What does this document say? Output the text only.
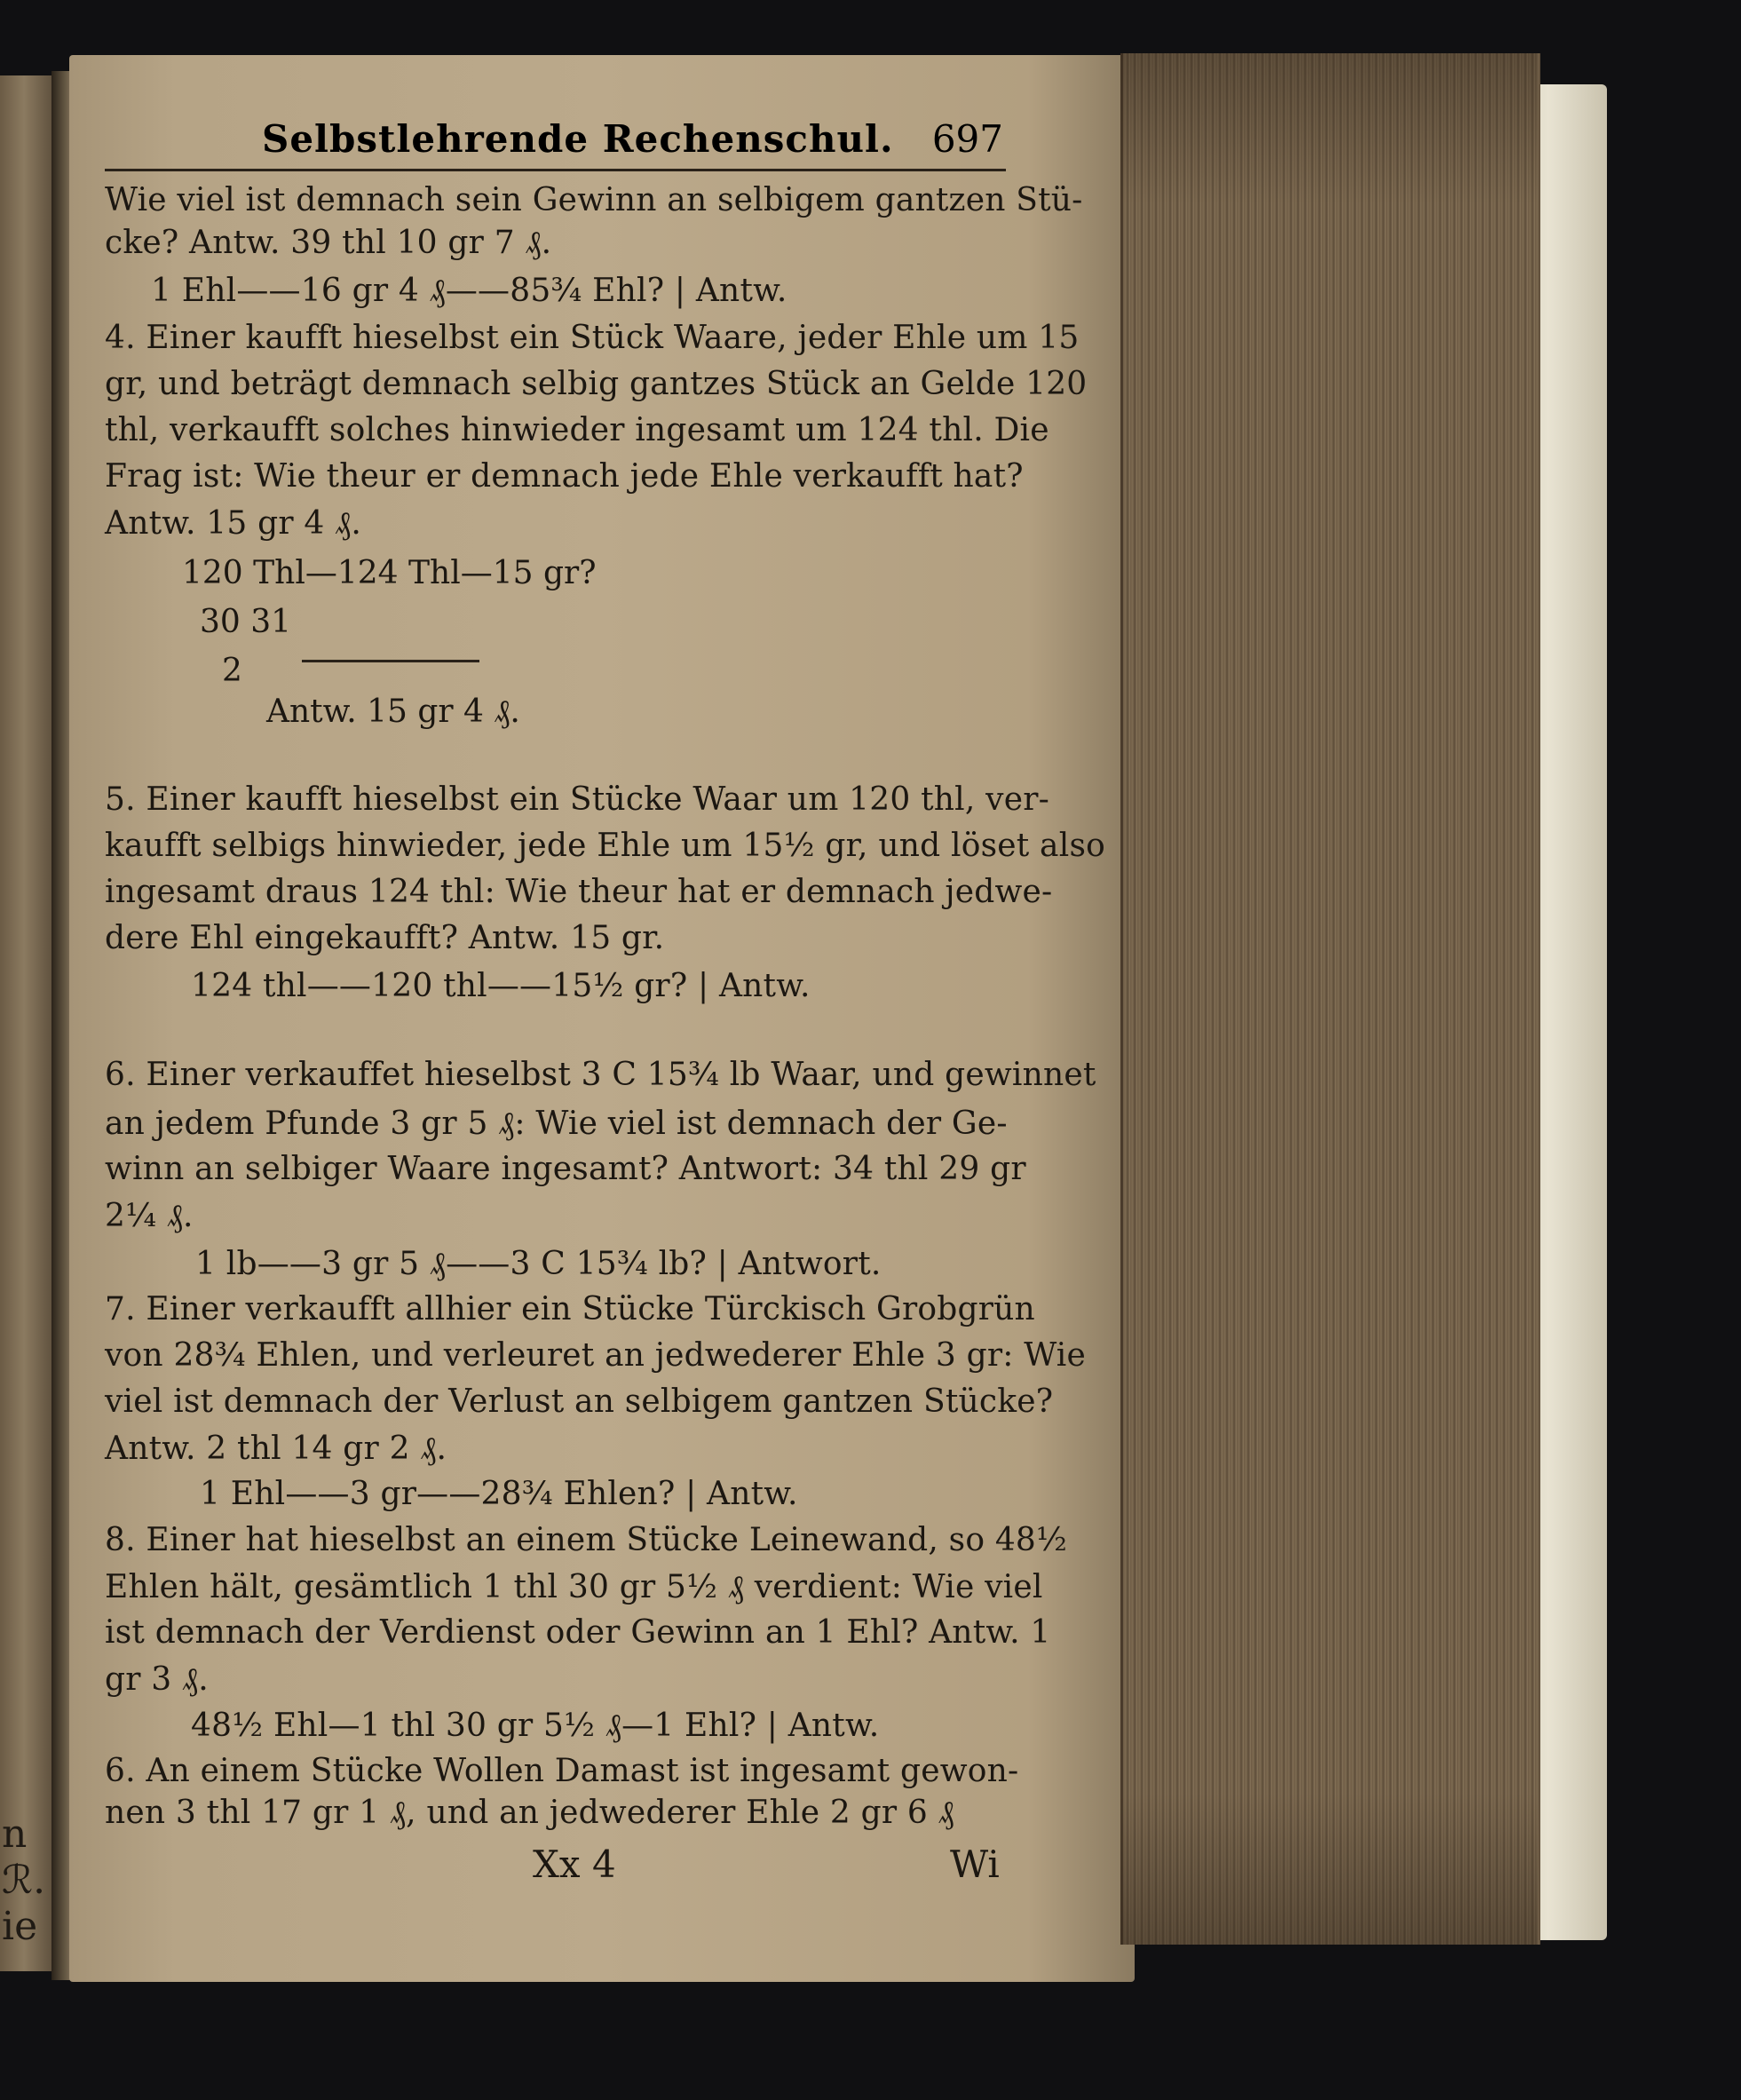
n
ℛ.
ie
Selbstlehrende Rechenschul. 697
Wie viel ist demnach sein Gewinn an selbigem gantzen Stü-
cke? Antw. 39 thl 10 gr 7 ₰.
1 Ehl——16 gr 4 ₰——85¾ Ehl? | Antw.
4. Einer kaufft hieselbst ein Stück Waare, jeder Ehle um 15
gr, und beträgt demnach selbig gantzes Stück an Gelde 120
thl, verkaufft solches hinwieder ingesamt um 124 thl. Die
Frag ist: Wie theur er demnach jede Ehle verkaufft hat?
Antw. 15 gr 4 ₰.
120 Thl—124 Thl—15 gr?
30 31
2
Antw. 15 gr 4 ₰.
5. Einer kaufft hieselbst ein Stücke Waar um 120 thl, ver-
kaufft selbigs hinwieder, jede Ehle um 15½ gr, und löset also
ingesamt draus 124 thl: Wie theur hat er demnach jedwe-
dere Ehl eingekaufft? Antw. 15 gr.
124 thl——120 thl——15½ gr? | Antw.
6. Einer verkauffet hieselbst 3 C 15¾ lb Waar, und gewinnet
an jedem Pfunde 3 gr 5 ₰: Wie viel ist demnach der Ge-
winn an selbiger Waare ingesamt? Antwort: 34 thl 29 gr
2¼ ₰.
1 lb——3 gr 5 ₰——3 C 15¾ lb? | Antwort.
7. Einer verkaufft allhier ein Stücke Türckisch Grobgrün
von 28¾ Ehlen, und verleuret an jedwederer Ehle 3 gr: Wie
viel ist demnach der Verlust an selbigem gantzen Stücke?
Antw. 2 thl 14 gr 2 ₰.
1 Ehl——3 gr——28¾ Ehlen? | Antw.
8. Einer hat hieselbst an einem Stücke Leinewand, so 48½
Ehlen hält, gesämtlich 1 thl 30 gr 5½ ₰ verdient: Wie viel
ist demnach der Verdienst oder Gewinn an 1 Ehl? Antw. 1
gr 3 ₰.
48½ Ehl—1 thl 30 gr 5½ ₰—1 Ehl? | Antw.
6. An einem Stücke Wollen Damast ist ingesamt gewon-
nen 3 thl 17 gr 1 ₰, und an jedwederer Ehle 2 gr 6 ₰
Xx 4	Wi
